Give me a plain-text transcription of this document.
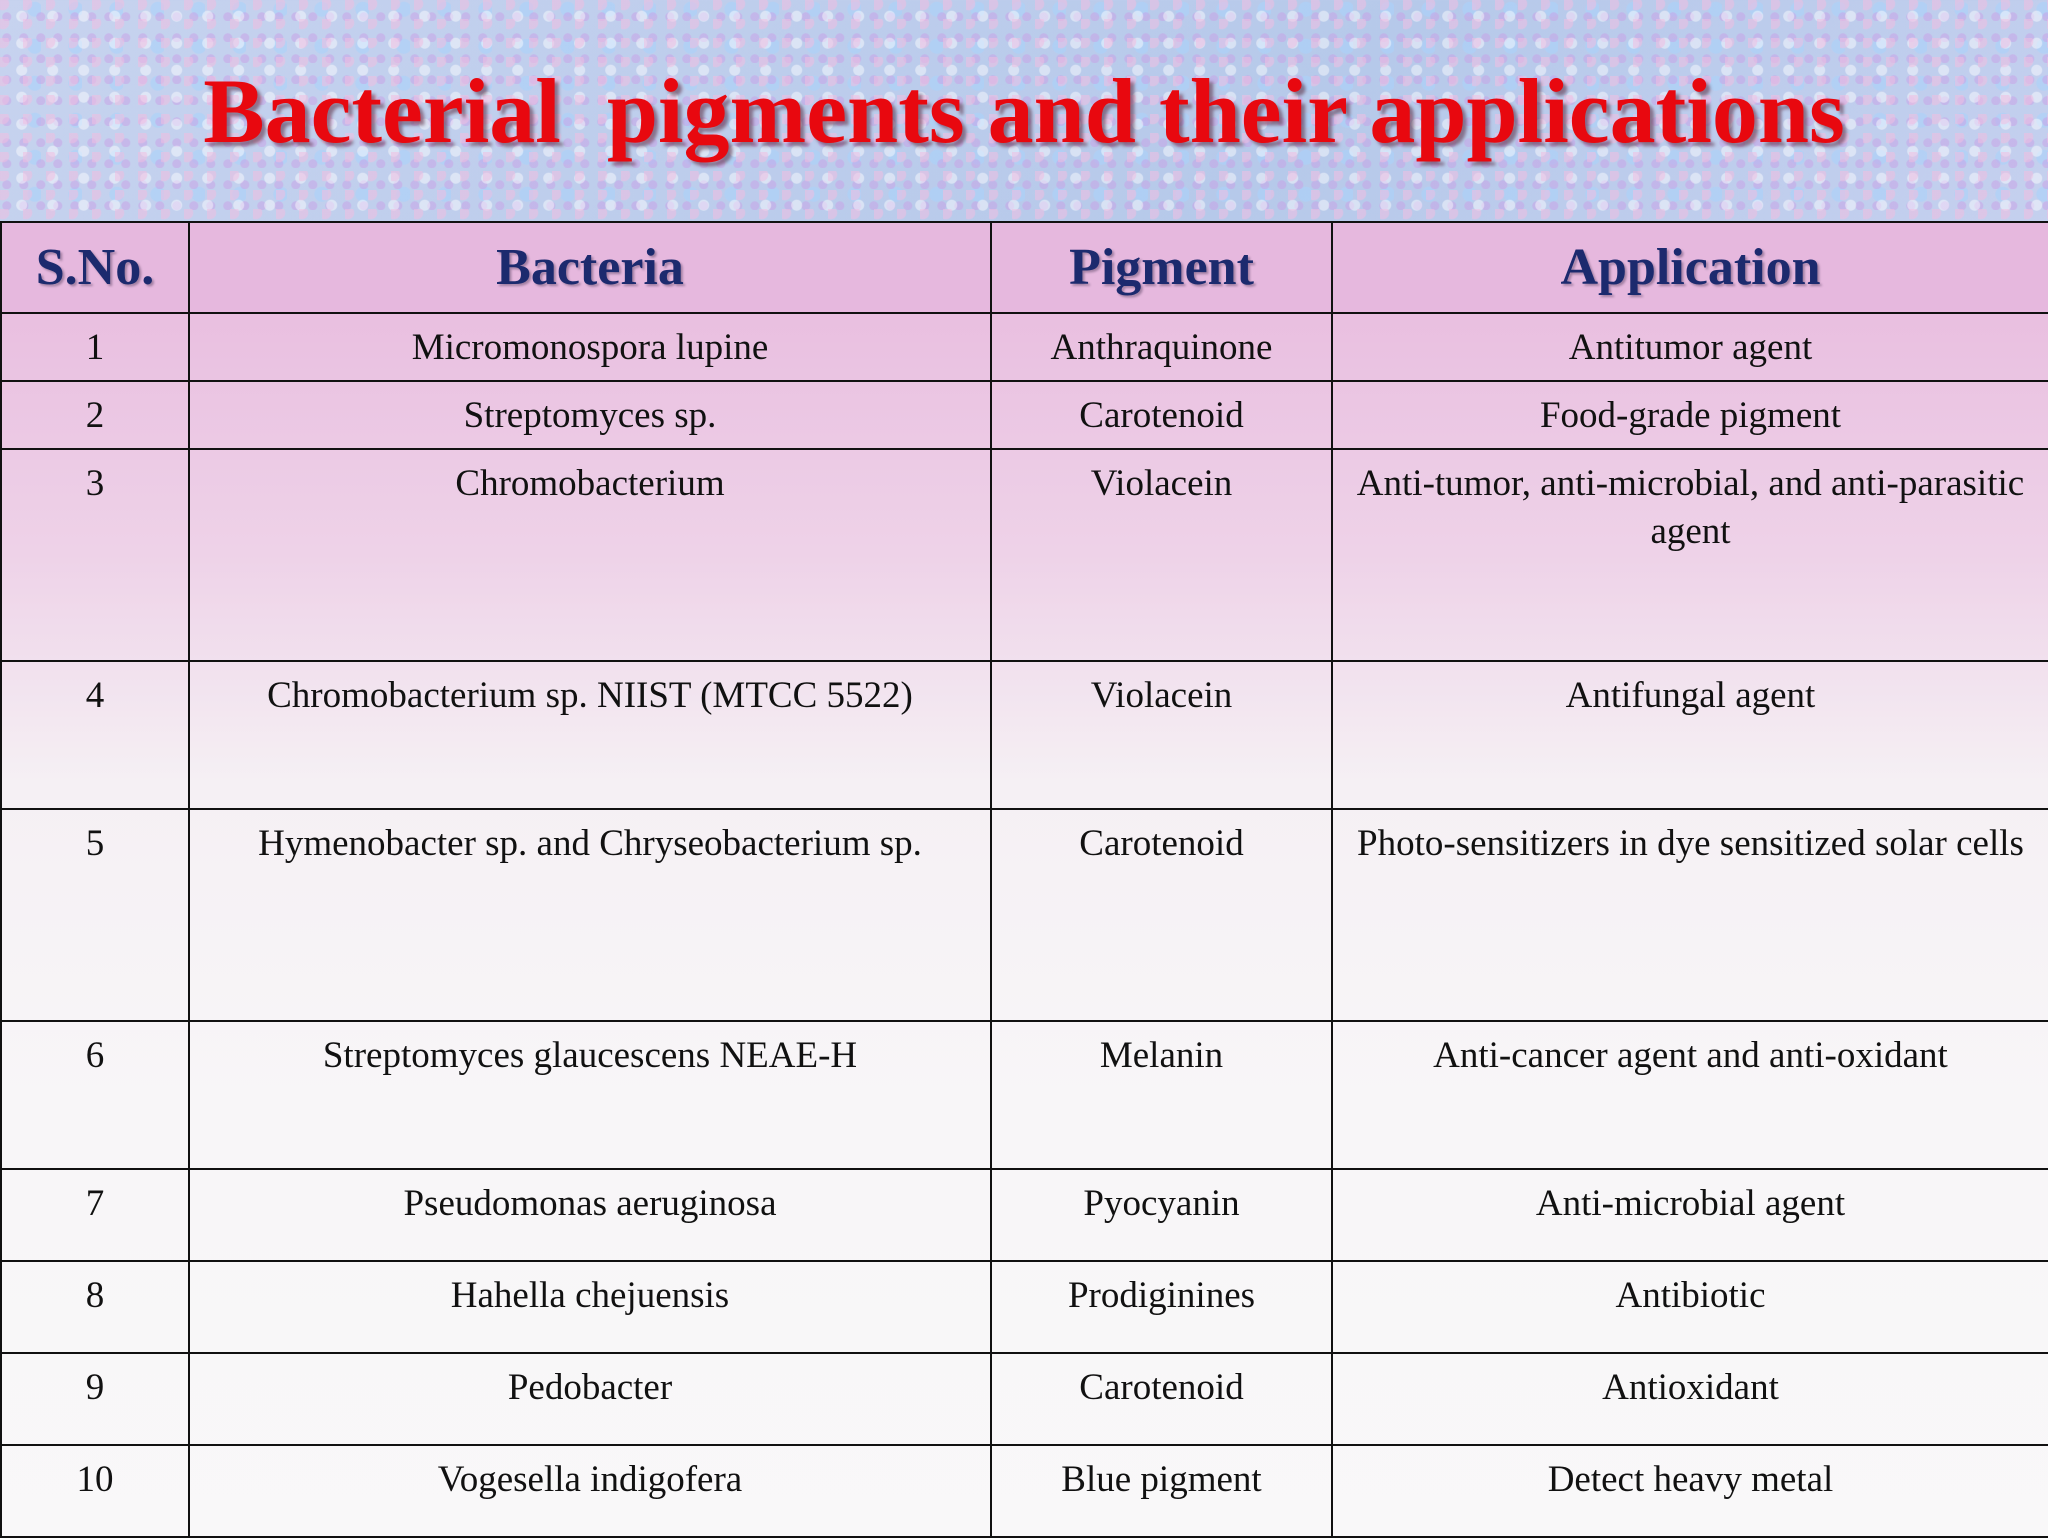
Bacterial  pigments and their applications
S.No.	Bacteria	Pigment	Application
1	Micromonospora lupine	Anthraquinone	Antitumor agent
2	Streptomyces sp.	Carotenoid	Food-grade pigment
3	Chromobacterium	Violacein	Anti-tumor, anti-microbial, and anti-parasitic agent
4	Chromobacterium sp. NIIST (MTCC 5522)	Violacein	Antifungal agent
5	Hymenobacter sp. and Chryseobacterium sp.	Carotenoid	Photo-sensitizers in dye sensitized solar cells
6	Streptomyces glaucescens NEAE-H	Melanin	Anti-cancer agent and anti-oxidant
7	Pseudomonas aeruginosa	Pyocyanin	Anti-microbial agent
8	Hahella chejuensis	Prodiginines	Antibiotic
9	Pedobacter	Carotenoid	Antioxidant
10	Vogesella indigofera	Blue pigment	Detect heavy metal
